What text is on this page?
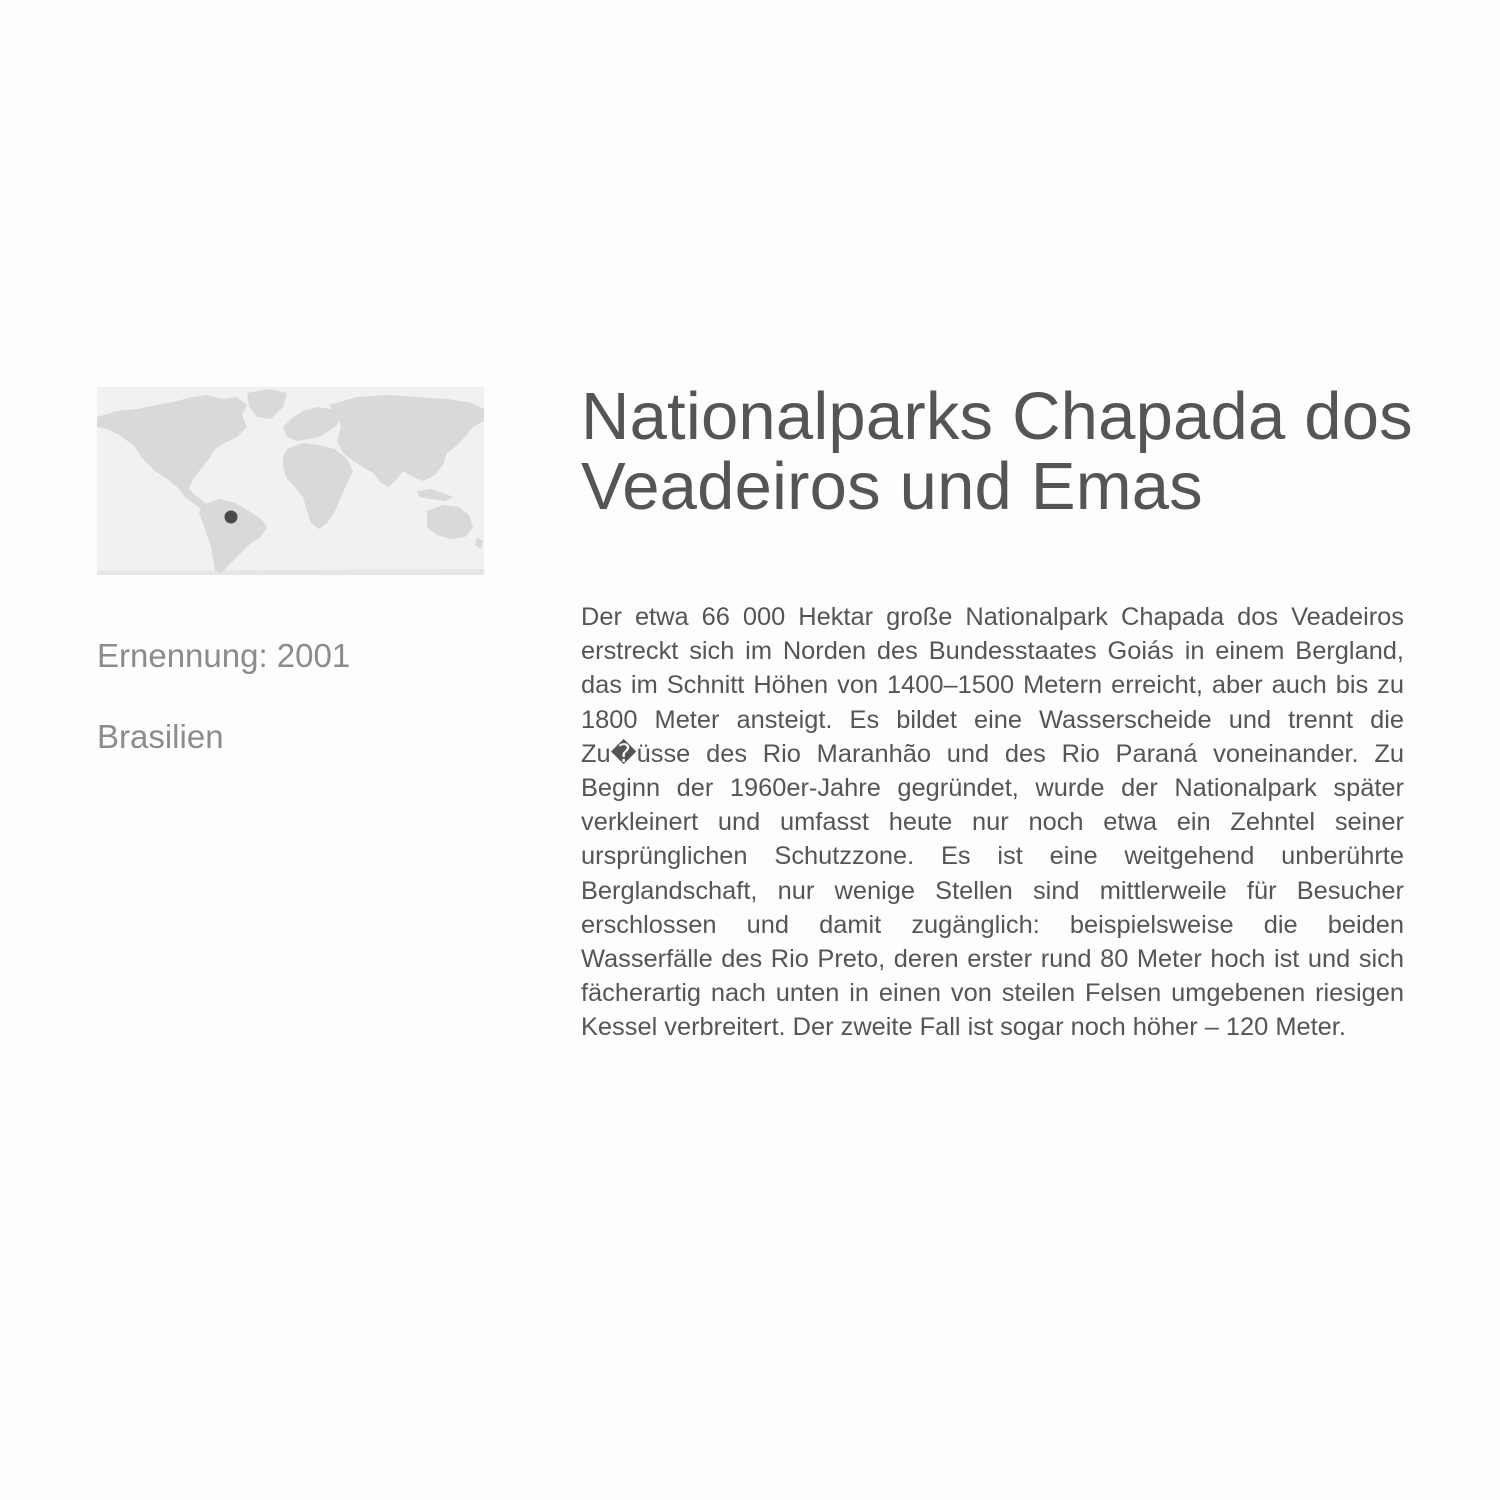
Ernennung: 2001
Brasilien
Nationalparks Chapada dos Veadeiros und Emas

Der etwa 66 000 Hektar große Nationalpark Chapada dos Veadeiros erstreckt sich im Norden des Bundesstaates Goiás in einem Bergland, das im Schnitt Höhen von 1400–1500 Metern erreicht, aber auch bis zu 1800 Meter ansteigt. Es bildet eine Wasserscheide und trennt die Zu�üsse des Rio Maranhão und des Rio Paraná voneinander. Zu Beginn der 1960er-Jahre gegründet, wurde der Nationalpark später verkleinert und umfasst heute nur noch etwa ein Zehntel seiner ursprünglichen Schutzzone. Es ist eine weitgehend unberührte Berglandschaft, nur wenige Stellen sind mittlerweile für Besucher erschlossen und damit zugänglich: beispielsweise die beiden Wasserfälle des Rio Preto, deren erster rund 80 Meter hoch ist und sich fächerartig nach unten in einen von steilen Felsen umgebenen riesigen Kessel verbreitert. Der zweite Fall ist sogar noch höher – 120 Meter.
